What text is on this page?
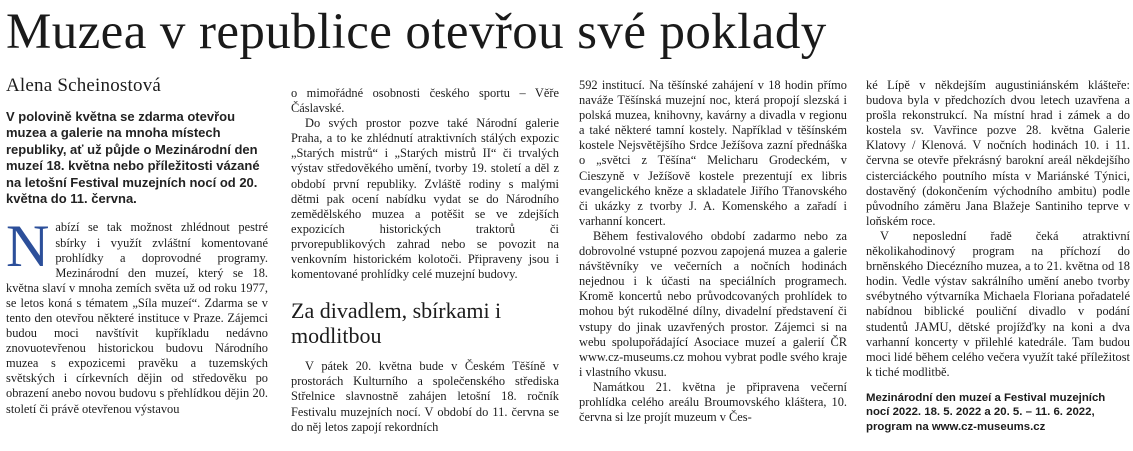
Muzea v republice otevřou své poklady
Alena Scheinostová
V polovině května se zdarma otevřou muzea a galerie na mnoha místech republiky, ať už půjde o Mezinárodní den muzeí 18. května nebo příležitosti vázané na letošní Festival muzejních nocí od 20. května do 11. června.

Nabízí se tak možnost zhlédnout pestré sbírky i využít zvláštní komentované prohlídky a doprovodné programy. Mezinárodní den muzeí, který se 18. května slaví v mnoha zemích světa už od roku 1977, se letos koná s tématem „Síla muzeí“. Zdarma se v tento den otevřou některé instituce v Praze. Zájemci budou moci navštívit kupříkladu nedávno znovuotevřenou historickou budovu Národního muzea s expozicemi pravěku a tuzemských světských i církevních dějin od středověku po obrazení anebo novou budovu s přehlídkou dějin 20. století či právě otevřenou výstavou

o mimořádné osobnosti českého sportu – Věře Čáslavské.

Do svých prostor pozve také Národní galerie Praha, a to ke zhlédnutí atraktivních stálých expozic „Starých mistrů“ i „Starých mistrů II“ či trvalých výstav středověkého umění, tvorby 19. století a děl z období první republiky. Zvláště rodiny s malými dětmi pak ocení nabídku vydat se do Národního zemědělského muzea a potěšit se ve zdejších expozicích historických traktorů či prvorepublikových zahrad nebo se povozit na venkovním historickém kolotoči. Připraveny jsou i komentované prohlídky celé muzejní budovy.

Za divadlem, sbírkami i modlitbou

V pátek 20. května bude v Českém Těšíně v prostorách Kulturního a společenského střediska Střelnice slavnostně zahájen letošní 18. ročník Festivalu muzejních nocí. V období do 11. června se do něj letos zapojí rekordních

592 institucí. Na těšínské zahájení v 18 hodin přímo naváže Těšínská muzejní noc, která propojí slezská i polská muzea, knihovny, kavárny a divadla v regionu a také některé tamní kostely. Například v těšínském kostele Nejsvětějšího Srdce Ježíšova zazní přednáška o „světci z Těšína“ Melicharu Grodeckém, v Cieszyně v Ježíšově kostele prezentují ex libris evangelického kněze a skladatele Jiřího Třanovského či ukázky z tvorby J. A. Komenského a zařadí i varhanní koncert.

Během festivalového období zadarmo nebo za dobrovolné vstupné pozvou zapojená muzea a galerie návštěvníky ve večerních a nočních hodinách nejednou i k účasti na speciálních programech. Kromě koncertů nebo průvodcovaných prohlídek to mohou být rukodělné dílny, divadelní představení či vstupy do jinak uzavřených prostor. Zájemci si na webu spolupořádající Asociace muzeí a galerií ČR www.cz-museums.cz mohou vybrat podle svého kraje i vlastního vkusu.

Namátkou 21. května je připravena večerní prohlídka celého areálu Broumovského kláštera, 10. června si lze projít muzeum v Čes-

ké Lípě v někdejším augustiniánském klášteře: budova byla v předchozích dvou letech uzavřena a prošla rekonstrukcí. Na místní hrad i zámek a do kostela sv. Vavřince pozve 28. května Galerie Klatovy / Klenová. V nočních hodinách 10. i 11. června se otevře překrásný barokní areál někdejšího cisterciáckého poutního místa v Mariánské Týnici, dostavěný (dokončením východního ambitu) podle původního záměru Jana Blažeje Santiniho teprve v loňském roce.

V neposlední řadě čeká atraktivní několikahodinový program na příchozí do brněnského Diecézního muzea, a to 21. května od 18 hodin. Vedle výstav sakrálního umění anebo tvorby svébytného výtvarníka Michaela Floriana pořadatelé nabídnou biblické pouliční divadlo v podání studentů JAMU, dětské projížďky na koni a dva varhanní koncerty v přilehlé katedrále. Tam budou moci lidé během celého večera využít také příležitost k tiché modlitbě.

Mezinárodní den muzeí a Festival muzejních nocí 2022. 18. 5. 2022 a 20. 5. – 11. 6. 2022, program na www.cz-museums.cz
